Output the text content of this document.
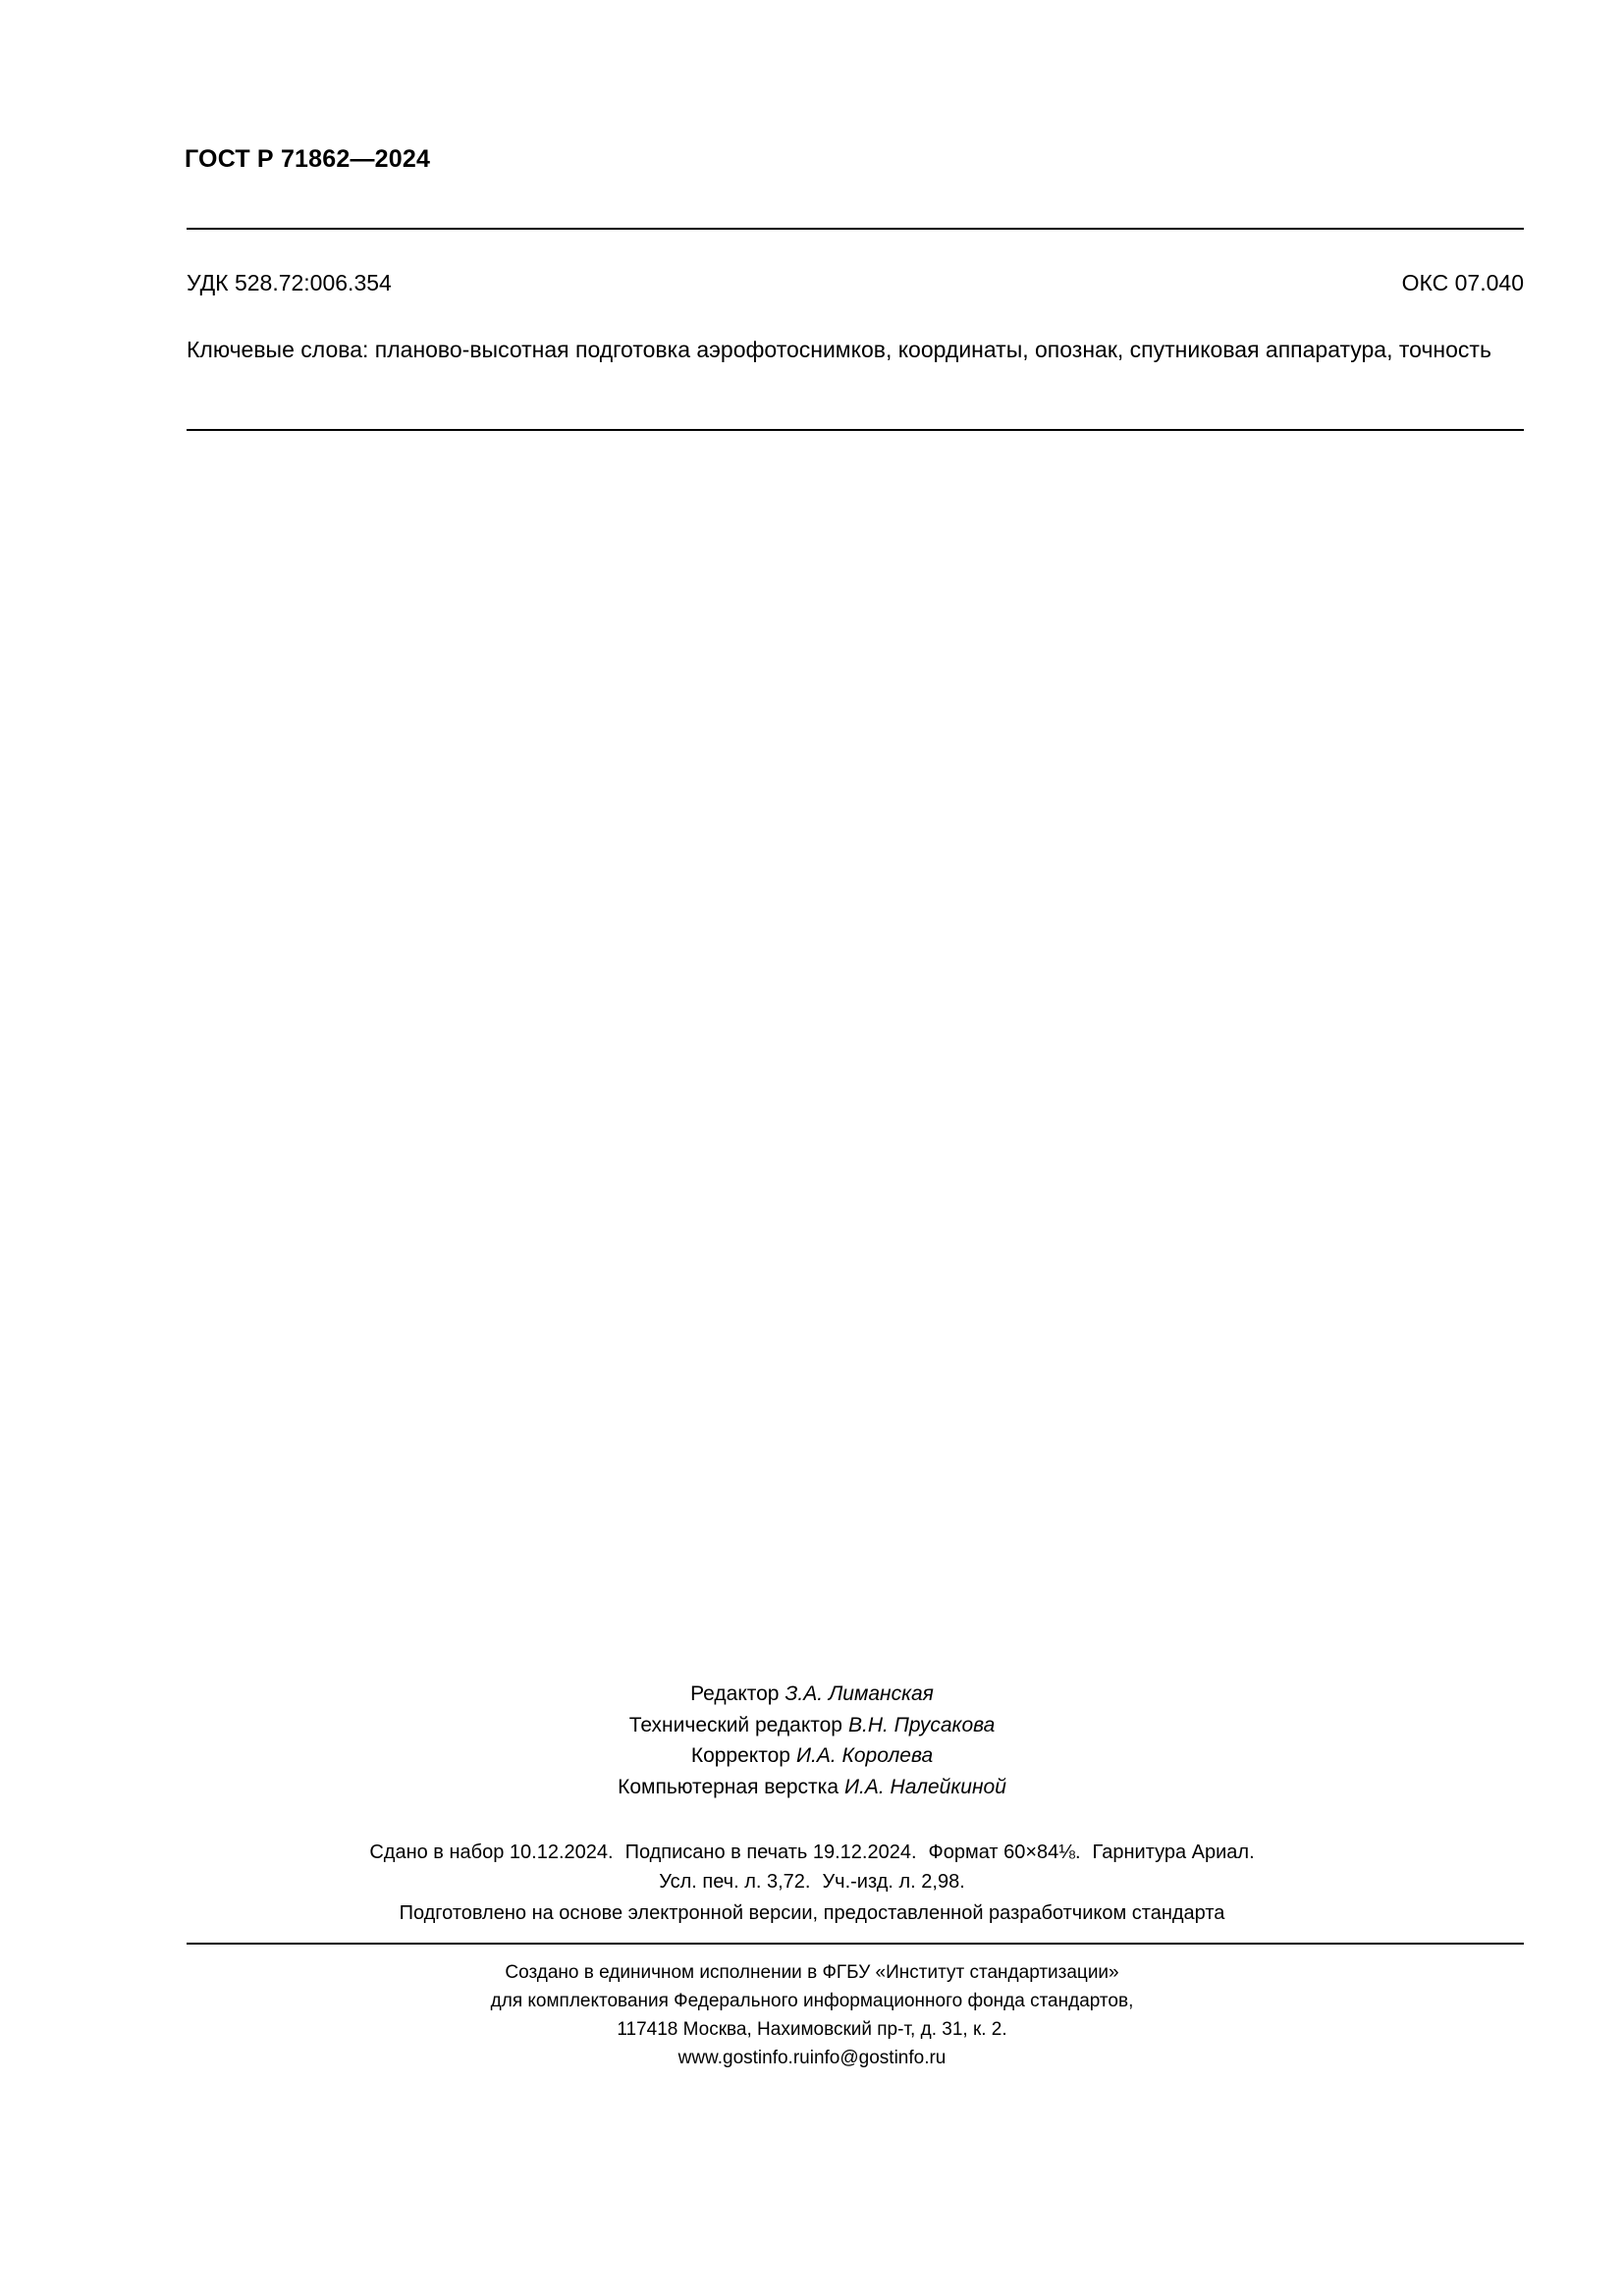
ГОСТ Р 71862—2024
УДК 528.72:006.354	ОКС 07.040
Ключевые слова: планово-высотная подготовка аэрофотоснимков, координаты, опознак, спутниковая аппаратура, точность
Редактор З.А. Лиманская
Технический редактор В.Н. Прусакова
Корректор И.А. Королева
Компьютерная верстка И.А. Налейкиной
Сдано в набор 10.12.2024. Подписано в печать 19.12.2024. Формат 60×84⅛. Гарнитура Ариал.
Усл. печ. л. 3,72. Уч.-изд. л. 2,98.
Подготовлено на основе электронной версии, предоставленной разработчиком стандарта
Создано в единичном исполнении в ФГБУ «Институт стандартизации»
для комплектования Федерального информационного фонда стандартов,
117418 Москва, Нахимовский пр-т, д. 31, к. 2.
www.gostinfo.ruinfo@gostinfo.ru
